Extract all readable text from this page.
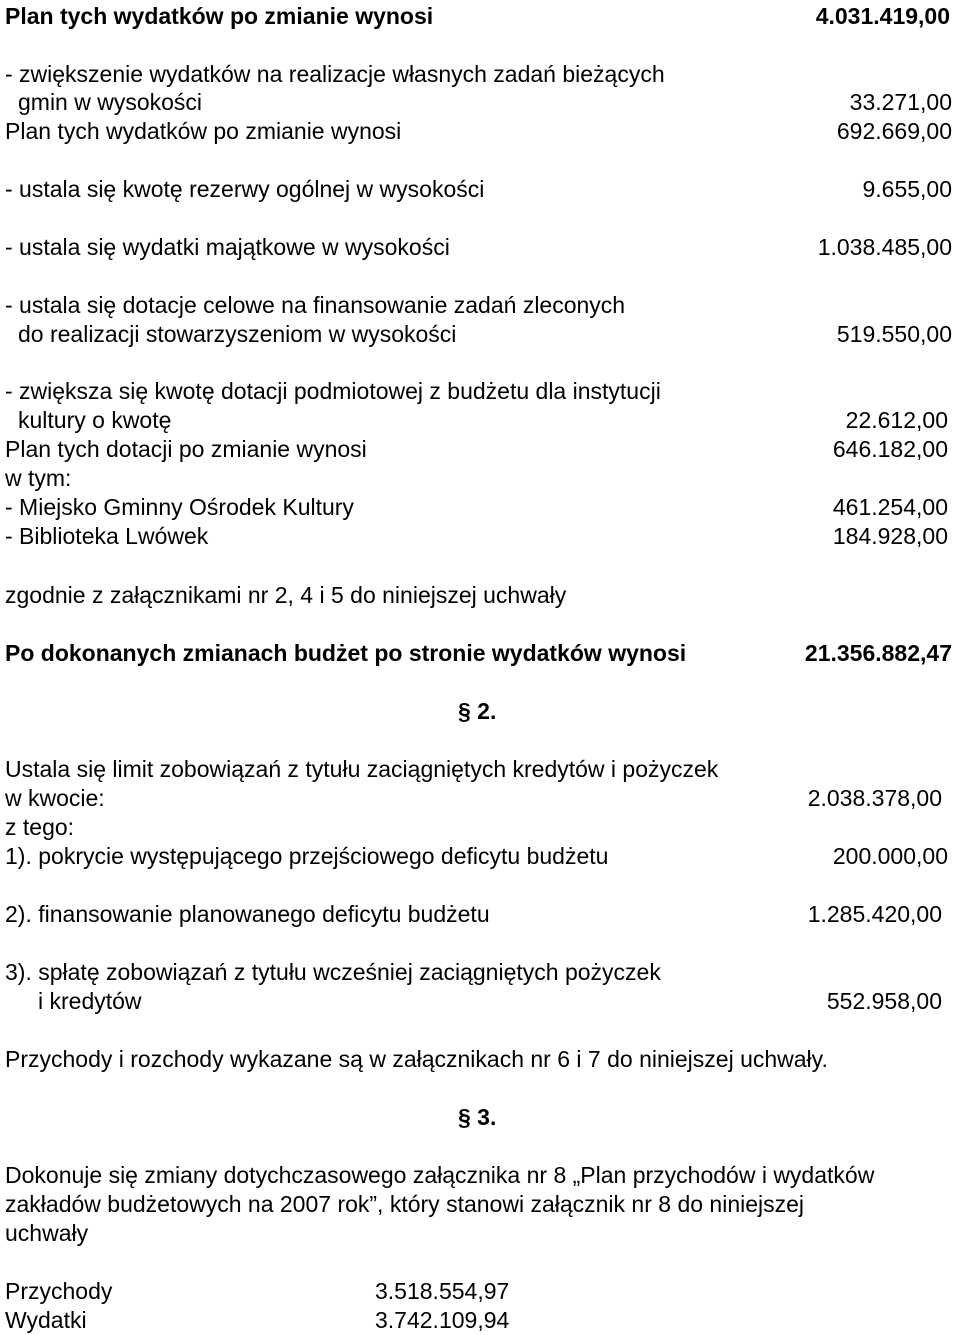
Plan tych wydatków po zmianie wynosi	4.031.419,00
- zwiększenie wydatków na realizacje własnych zadań bieżących
gmin w wysokości	33.271,00
Plan tych wydatków po zmianie wynosi	692.669,00
- ustala się kwotę rezerwy ogólnej w wysokości	9.655,00
- ustala się wydatki majątkowe w wysokości	1.038.485,00
- ustala się dotacje celowe na finansowanie zadań zleconych
do realizacji stowarzyszeniom w wysokości	519.550,00
- zwiększa się kwotę dotacji podmiotowej z budżetu dla instytucji
kultury o kwotę	22.612,00
Plan tych dotacji po zmianie wynosi	646.182,00
w tym:
- Miejsko Gminny Ośrodek Kultury	461.254,00
- Biblioteka Lwówek	184.928,00
zgodnie z załącznikami nr 2, 4 i 5 do niniejszej uchwały
Po dokonanych zmianach budżet po stronie wydatków wynosi	21.356.882,47
§ 2.
Ustala się limit zobowiązań z tytułu zaciągniętych kredytów i pożyczek
w kwocie:	2.038.378,00
z tego:
1). pokrycie występującego przejściowego deficytu budżetu	200.000,00
2). finansowanie planowanego deficytu budżetu	1.285.420,00
3). spłatę zobowiązań z tytułu wcześniej zaciągniętych pożyczek
i kredytów	552.958,00
Przychody i rozchody wykazane są w załącznikach nr 6 i 7 do niniejszej uchwały.
§ 3.
Dokonuje się zmiany dotychczasowego załącznika nr 8 „Plan przychodów i wydatków
zakładów budżetowych na 2007 rok”, który stanowi załącznik nr 8 do niniejszej
uchwały
Przychody	3.518.554,97
Wydatki	3.742.109,94
